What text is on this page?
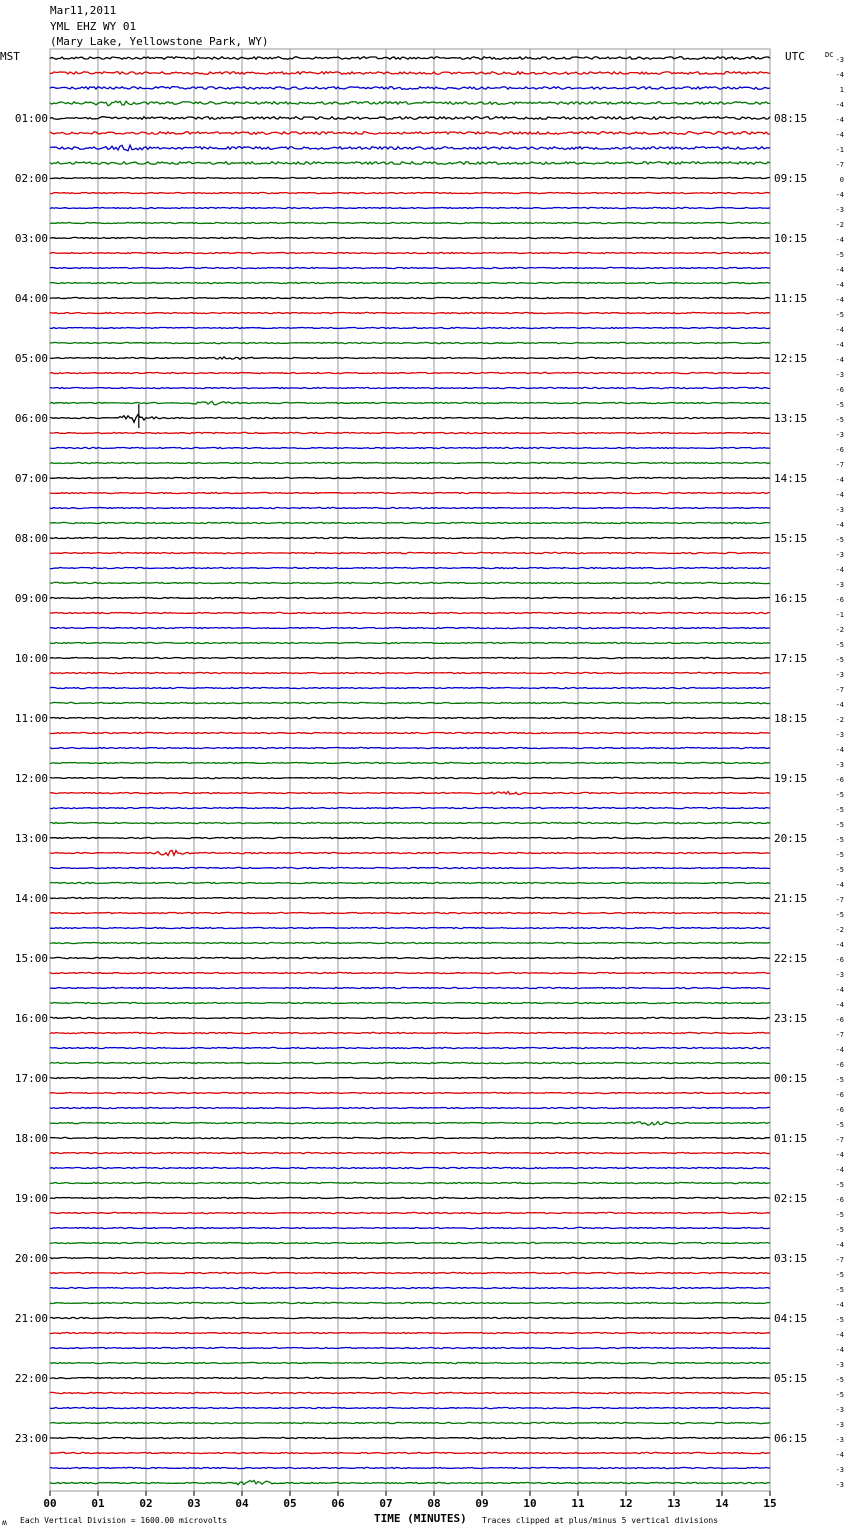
Mar11,2011
YML EHZ WY 01
(Mary Lake, Yellowstone Park, WY)
-3
-4
1
-4
-4
-4
-1
-7
0
-4
-3
-2
-4
-5
-4
-4
-4
-5
-4
-4
-4
-3
-6
-5
-5
-3
-6
-7
-4
-4
-3
-4
-5
-3
-4
-3
-6
-1
-2
-5
-5
-3
-7
-4
-2
-3
-4
-3
-6
-5
-5
-5
-5
-5
-5
-4
-7
-5
-2
-4
-6
-3
-4
-4
-6
-7
-4
-6
-5
-6
-6
-5
-7
-4
-4
-5
-6
-5
-5
-4
-7
-5
-5
-4
-5
-4
-4
-3
-5
-5
-3
-3
-3
-4
-3
-3
MST	UTC	DC
01:00
02:00
03:00
04:00
05:00
06:00
07:00
08:00
09:00
10:00
11:00
12:00
13:00
14:00
15:00
16:00
17:00
18:00
19:00
20:00
21:00
22:00
23:00
08:15
09:15
10:15
11:15
12:15
13:15
14:15
15:15
16:15
17:15
18:15
19:15
20:15
21:15
22:15
23:15
00:15
01:15
02:15
03:15
04:15
05:15
06:15
00	01	02	03	04	05	06	07	08	09	10	11	12	13	14	15
ʍ Each Vertical Division = 1600.00 microvolts	TIME (MINUTES) Traces clipped at plus/minus 5 vertical divisions
